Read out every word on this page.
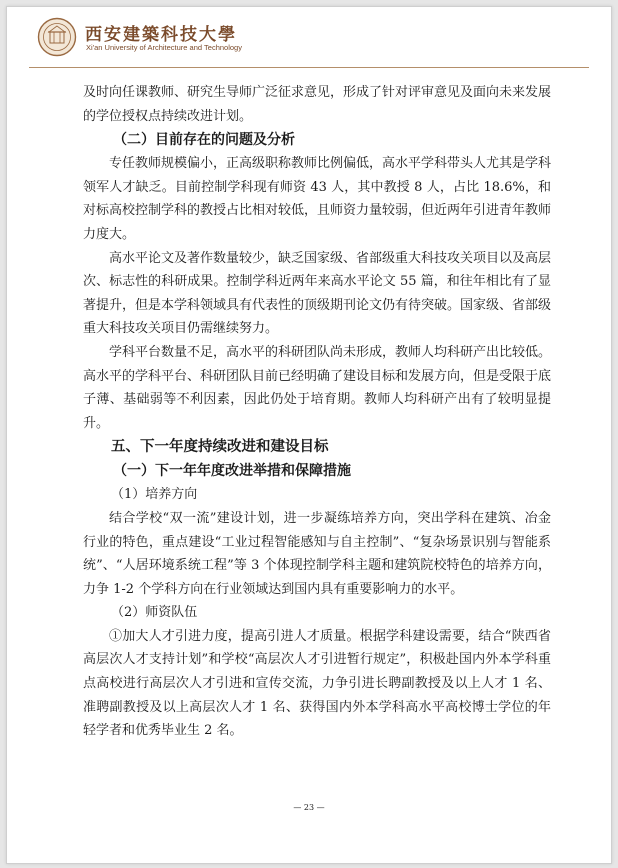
西安建築科技大學
Xi'an University of Architecture and Technology

及时向任课教师、研究生导师广泛征求意见，形成了针对评审意见及面向未来发展的学位授权点持续改进计划。

（二）目前存在的问题及分析

专任教师规模偏小，正高级职称教师比例偏低，高水平学科带头人尤其是学科领军人才缺乏。目前控制学科现有师资 43 人，其中教授 8 人，占比 18.6%，和对标高校控制学科的教授占比相对较低，且师资力量较弱，但近两年引进青年教师力度大。

高水平论文及著作数量较少，缺乏国家级、省部级重大科技攻关项目以及高层次、标志性的科研成果。控制学科近两年来高水平论文 55 篇，和往年相比有了显著提升，但是本学科领域具有代表性的顶级期刊论文仍有待突破。国家级、省部级重大科技攻关项目仍需继续努力。

学科平台数量不足，高水平的科研团队尚未形成，教师人均科研产出比较低。高水平的学科平台、科研团队目前已经明确了建设目标和发展方向，但是受限于底子薄、基础弱等不利因素，因此仍处于培育期。教师人均科研产出有了较明显提升。

五、下一年度持续改进和建设目标

（一）下一年年度改进举措和保障措施

（1）培养方向

结合学校“双一流”建设计划，进一步凝练培养方向，突出学科在建筑、冶金行业的特色，重点建设“工业过程智能感知与自主控制”、“复杂场景识别与智能系统”、“人居环境系统工程”等 3 个体现控制学科主题和建筑院校特色的培养方向，力争 1-2 个学科方向在行业领域达到国内具有重要影响力的水平。

（2）师资队伍

①加大人才引进力度，提高引进人才质量。根据学科建设需要，结合“陕西省高层次人才支持计划”和学校“高层次人才引进暂行规定”，积极赴国内外本学科重点高校进行高层次人才引进和宣传交流，力争引进长聘副教授及以上人才 1 名、准聘副教授及以上高层次人才 1 名、获得国内外本学科高水平高校博士学位的年轻学者和优秀毕业生 2 名。

— 23 —
